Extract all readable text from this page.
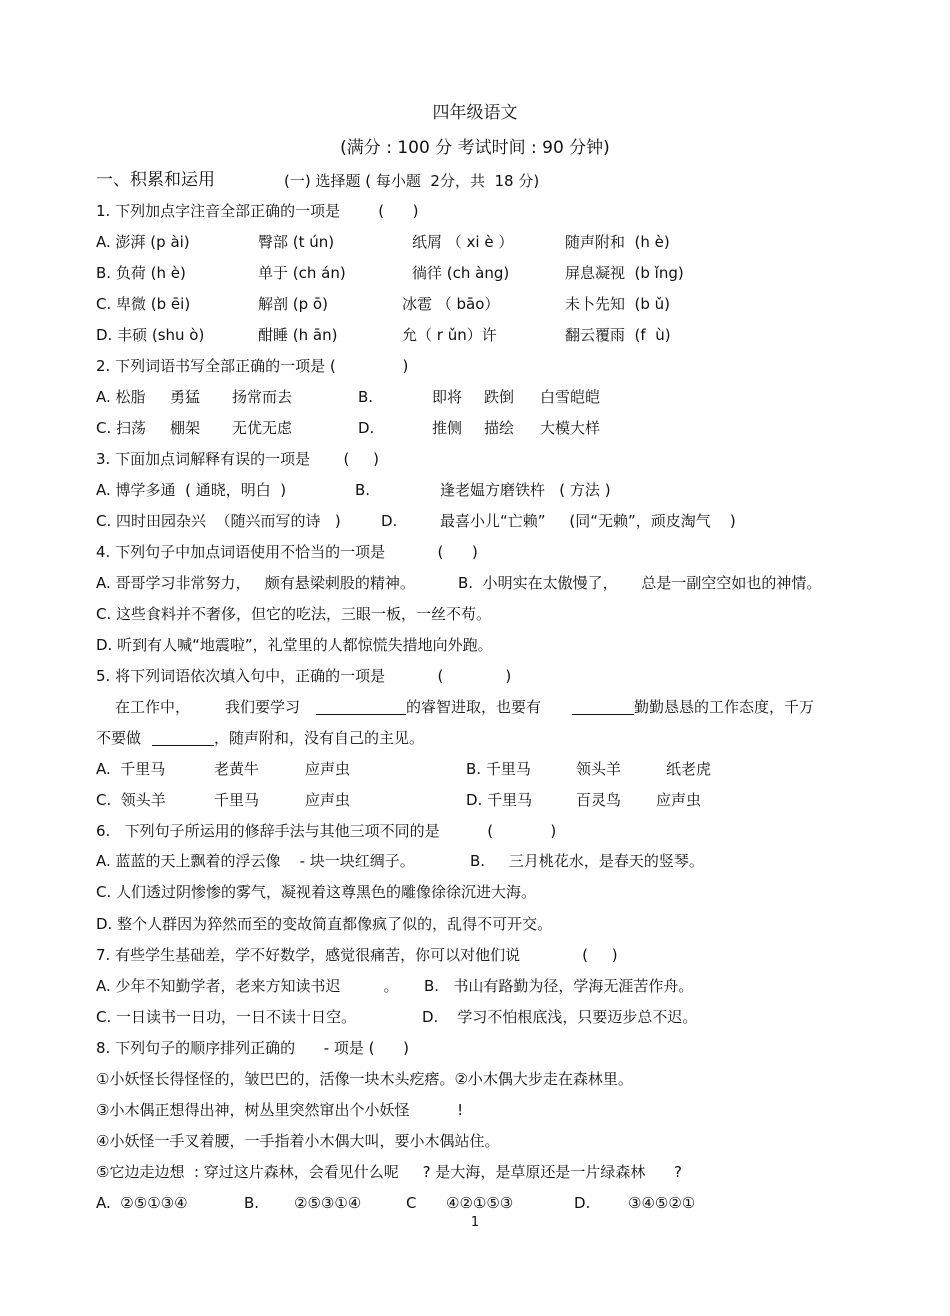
四年级语文
(满分 : 100 分 考试时间 : 90 分钟)
一、积累和运用	(一) 选择题 ( 每小题  2分，共  18 分)
1. 下列加点字注音全部正确的一项是        (      )
A. 澎湃 (p ài)	臀部 (t ún)	纸屑 （ xi è ）	随声附和  (h è)
B. 负荷 (h è)	单于 (ch án)	徜徉 (ch àng)	屏息凝视  (b ǐng)
C. 卑微 (b ēi)	解剖 (p ō)	冰雹 （ bāo）	未卜先知  (b ǔ)
D. 丰硕 (shu ò)	酣睡 (h ān)	允（ r ǔn）许	翻云覆雨  (f  ù)
2. 下列词语书写全部正确的一项是 (              )
A. 松脂 勇猛 扬常而去	B.	即将 跌倒 白雪皑皑
C. 扫荡 棚架 无优无虑	D.	推侧 描绘 大模大样
3. 下面加点词解释有误的一项是       (     )
A. 博学多通  ( 通晓，明白  )	B.	逢老媪方磨铁杵   ( 方法 )
C. 四时田园杂兴  （随兴而写的诗   )	D.	最喜小儿“亡赖”     (同“无赖”，顽皮淘气    )
4. 下列句子中加点词语使用不恰当的一项是           (      )
A. 哥哥学习非常努力，   颇有悬梁刺股的精神。	B.  小明实在太傲慢了，     总是一副空空如也的神情。
C. 这些食料并不奢侈，但它的吃法，三眼一板，一丝不苟。
D. 听到有人喊“地震啦”，礼堂里的人都惊慌失措地向外跑。
5. 将下列词语依次填入句中，正确的一项是           (             )
在工作中， 我们要学习	的睿智进取，也要有	勤勤恳恳的工作态度，千万
不要做	，随声附和，没有自己的主见。
A.  千里马	老黄牛	应声虫	B. 千里马	领头羊	纸老虎
C.  领头羊	千里马	应声虫	D. 千里马	百灵鸟 应声虫
6.   下列句子所运用的修辞手法与其他三项不同的是          (            )
A. 蓝蓝的天上飘着的浮云像    - 块一块红绸子。	B.     三月桃花水，是春天的竖琴。
C. 人们透过阴惨惨的雾气，凝视着这尊黑色的雕像徐徐沉进大海。
D. 整个人群因为猝然而至的变故简直都像疯了似的，乱得不可开交。
7. 有些学生基础差，学不好数学，感觉很痛苦，你可以对他们说             (     )
A. 少年不知勤学者，老来方知读书迟         。 B.   书山有路勤为径，学海无涯苦作舟。
C. 一日读书一日功，一日不读十日空。	D.    学习不怕根底浅，只要迈步总不迟。
8. 下列句子的顺序排列正确的      - 项是 (      )
①小妖怪长得怪怪的，皱巴巴的，活像一块木头疙瘩。②小木偶大步走在森林里。
③小木偶正想得出神，树丛里突然窜出个小妖怪          !
④小妖怪一手叉着腰，一手指着小木偶大叫，要小木偶站住。
⑤它边走边想  : 穿过这片森林，会看见什么呢     ? 是大海，是草原还是一片绿森林      ?
A.  ②⑤①③④	B. ②⑤③①④	C ④②①⑤③	D.	③④⑤②①
1
